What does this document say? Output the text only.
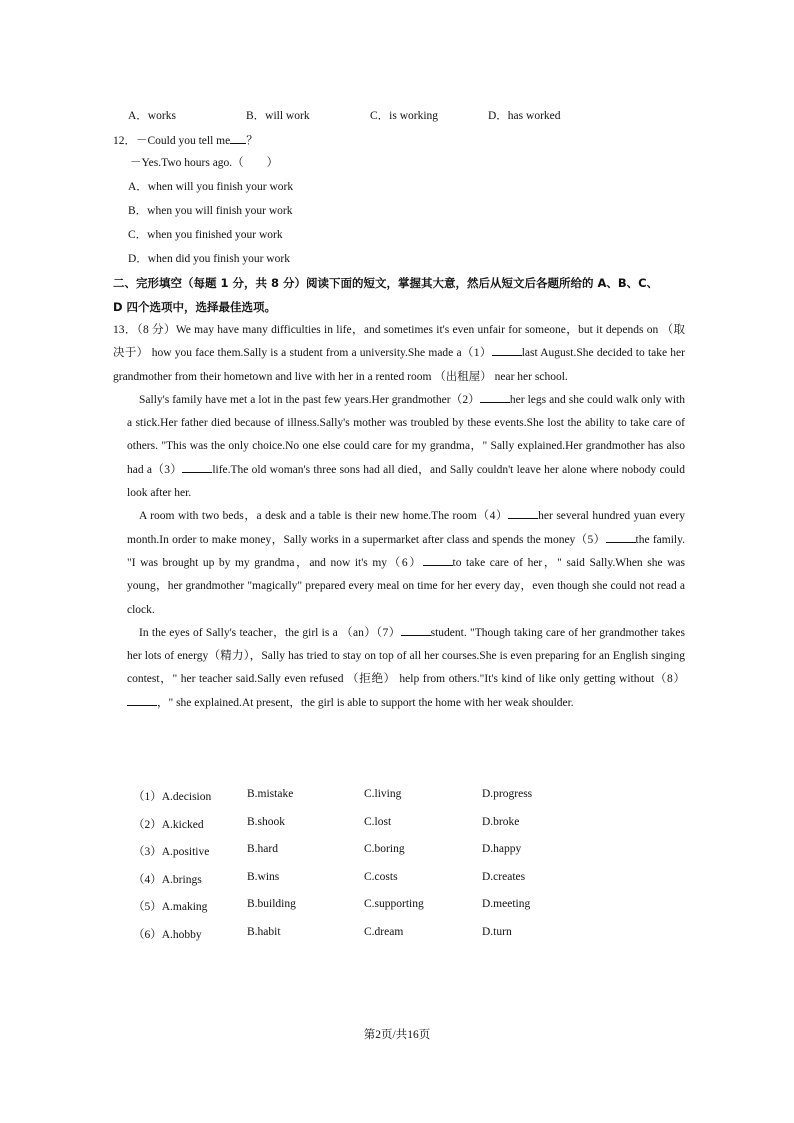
A．works	B．will work	C．is working	D．has worked
12．－Could you tell me ？
－Yes.Two hours ago.（　　）
A．when will you finish your work
B．when you will finish your work
C．when you finished your work
D．when did you finish your work
二、完形填空（每题 1 分，共 8 分）阅读下面的短文，掌握其大意，然后从短文后各题所给的 A、B、C、
D 四个选项中，选择最佳选项。

13．（8 分）We may have many difficulties in life，and sometimes it's even unfair for someone，but it depends on （取决于） how you face them.Sally is a student from a university.She made a（1）	last August.She decided to take her grandmother from their hometown and live with her in a rented room （出租屋） near her school.

Sally's family have met a lot in the past few years.Her grandmother（2）	her legs and she could walk only with a stick.Her father died because of illness.Sally's mother was troubled by these events.She lost the ability to take care of others. "This was the only choice.No one else could care for my grandma，" Sally explained.Her grandmother has also had a（3）	life.The old woman's three sons had all died，and Sally couldn't leave her alone where nobody could look after her.

A room with two beds，a desk and a table is their new home.The room（4）	her several hundred yuan every month.In order to make money，Sally works in a supermarket after class and spends the money（5）	the family. "I was brought up by my grandma，and now it's my（6）	to take care of her，" said Sally.When she was young，her grandmother "magically" prepared every meal on time for her every day，even though she could not read a clock.

In the eyes of Sally's teacher，the girl is a （an）（7）	student. "Though taking care of her grandmother takes her lots of energy（精力），Sally has tried to stay on top of all her courses.She is even preparing for an English singing contest，" her teacher said.Sally even refused （拒绝） help from others."It's kind of like only getting without（8），" she explained.At present，the girl is able to support the home with her weak shoulder.

（1）A.decision	B.mistake	C.living	D.progress
（2）A.kicked	B.shook	C.lost	D.broke
（3）A.positive	B.hard	C.boring	D.happy
（4）A.brings	B.wins	C.costs	D.creates
（5）A.making	B.building	C.supporting	D.meeting
（6）A.hobby	B.habit	C.dream	D.turn
第2页/共16页
